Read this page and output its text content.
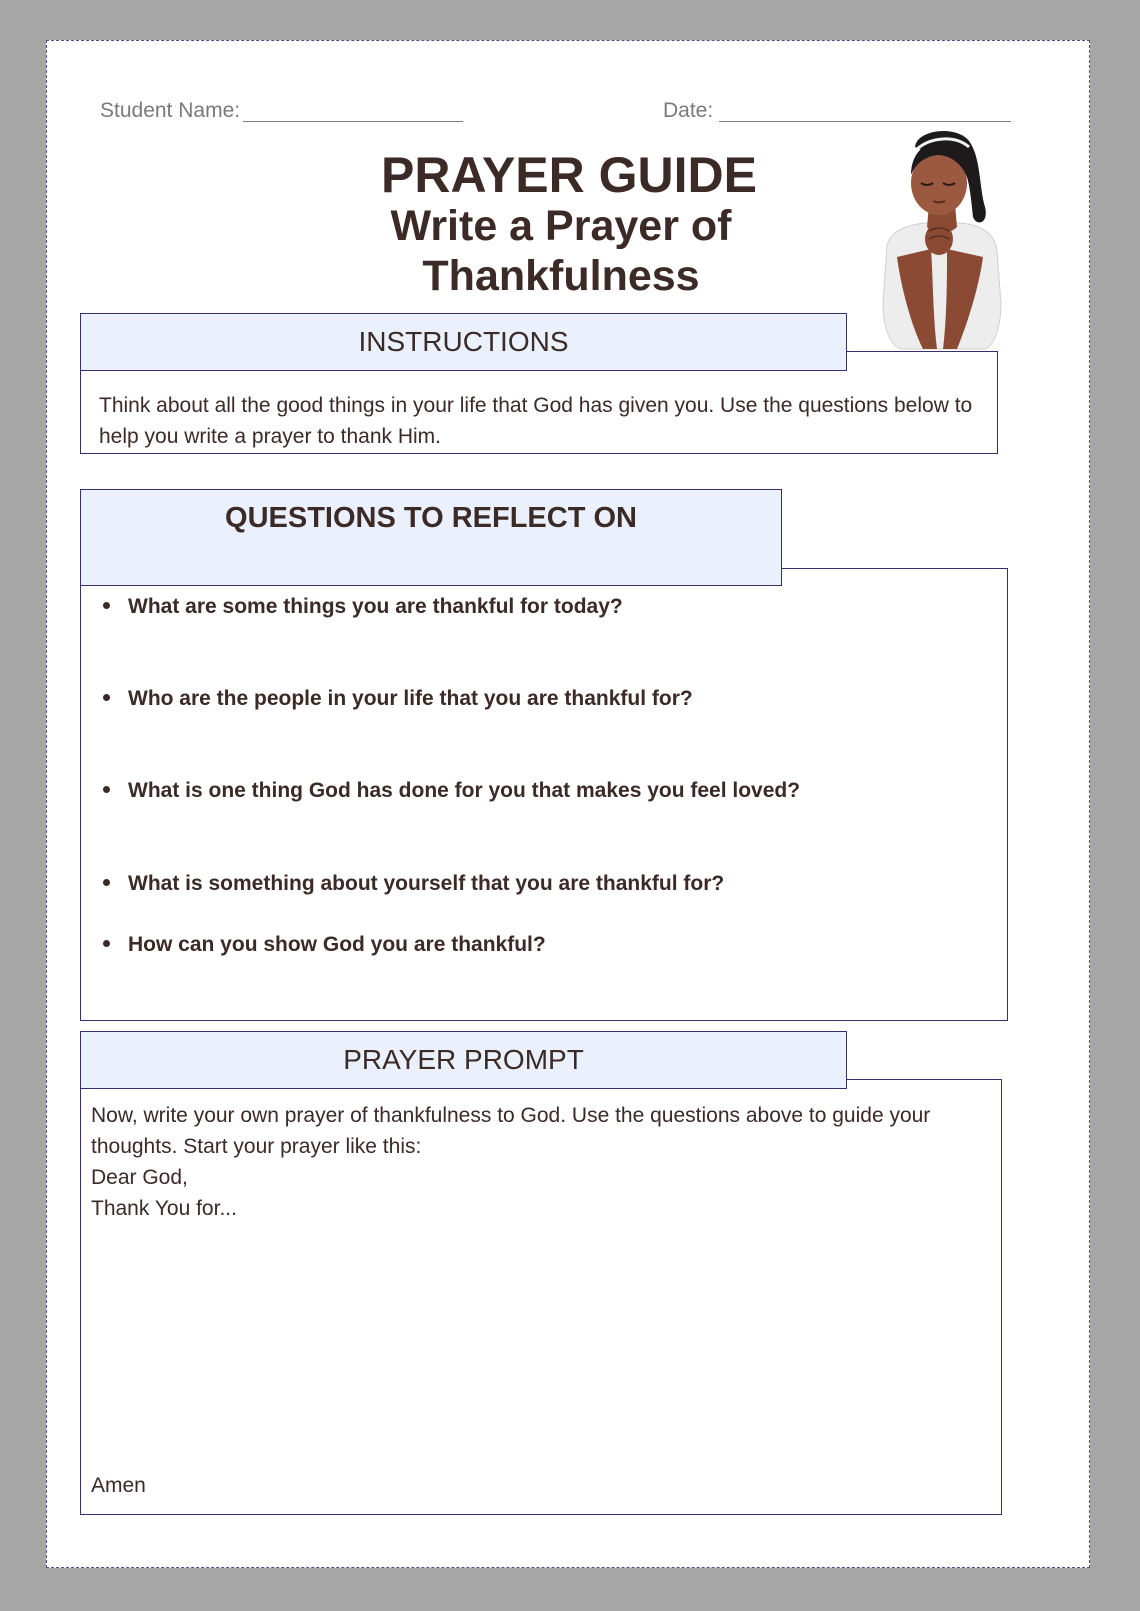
Student Name:	Date:
PRAYER GUIDE
Write a Prayer of
Thankfulness
Think about all the good things in your life that God has given you. Use the questions below to help you write a prayer to thank Him.
INSTRUCTIONS
What are some things you are thankful for today?
Who are the people in your life that you are thankful for?
What is one thing God has done for you that makes you feel loved?
What is something about yourself that you are thankful for?
How can you show God you are thankful?
QUESTIONS TO REFLECT ON
Now, write your own prayer of thankfulness to God. Use the questions above to guide your thoughts. Start your prayer like this:
Dear God,
Thank You for...
Amen
PRAYER PROMPT
